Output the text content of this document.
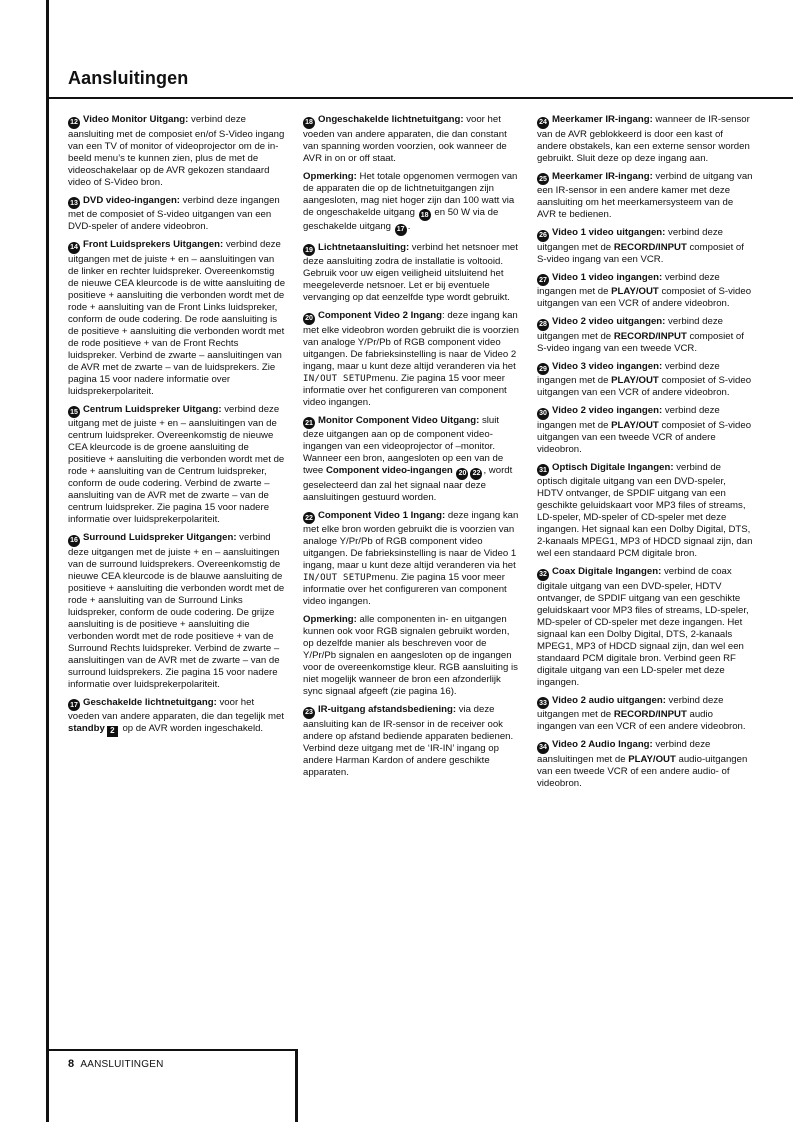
Aansluitingen

12 Video Monitor Uitgang: verbind deze aansluiting met de composiet en/of S-Video ingang van een TV of monitor of videoprojector om de in-beeld menu’s te kunnen zien, plus de met de videoschakelaar op de AVR gekozen standaard video of S-Video bron.

13 DVD video-ingangen: verbind deze ingangen met de composiet of S-video uitgangen van een DVD-speler of andere videobron.

14 Front Luidsprekers Uitgangen: verbind deze uitgangen met de juiste + en – aansluitingen van de linker en rechter luidspreker. Overeenkomstig de nieuwe CEA kleurcode is de witte aansluiting de positieve + aansluiting die verbonden wordt met de rode + aansluiting van de Front Links luidspreker, conform de oude codering. De rode aansluiting is de positieve + aansluiting die verbonden wordt met de rode positieve + van de Front Rechts luidspreker. Verbind de zwarte – aansluitingen van de AVR met de zwarte – van de luidsprekers. Zie pagina 15 voor nadere informatie over luidsprekerpolariteit.

15 Centrum Luidspreker Uitgang: verbind deze uitgang met de juiste + en – aansluitingen van de centrum luidspreker. Overeenkomstig de nieuwe CEA kleurcode is de groene aansluiting de positieve + aansluiting die verbonden wordt met de rode + aansluiting van de Centrum luidspreker, conform de oude codering. Verbind de zwarte – aansluiting van de AVR met de zwarte – van de centrum luidspreker. Zie pagina 15 voor nadere informatie over luidsprekerpolariteit.

16 Surround Luidspreker Uitgangen: verbind deze uitgangen met de juiste + en – aansluitingen van de surround luidsprekers. Overeenkomstig de nieuwe CEA kleurcode is de blauwe aansluiting de positieve + aansluiting die verbonden wordt met de rode + aansluiting van de Surround Links luidspreker, conform de oude codering. De grijze aansluiting is de positieve + aansluiting die verbonden wordt met de rode positieve + van de Surround Rechts luidspreker. Verbind de zwarte – aansluitingen van de AVR met de zwarte – van de surround luidsprekers. Zie pagina 15 voor nadere informatie over luidsprekerpolariteit.

17 Geschakelde lichtnetuitgang: voor het voeden van andere apparaten, die dan tegelijk met standby 2 op de AVR worden ingeschakeld.

18 Ongeschakelde lichtnetuitgang: voor het voeden van andere apparaten, die dan constant van spanning worden voorzien, ook wanneer de AVR in on or off staat.

Opmerking: Het totale opgenomen vermogen van de apparaten die op de lichtnetuitgangen zijn aangesloten, mag niet hoger zijn dan 100 watt via de ongeschakelde uitgang 18 en 50 W via de geschakelde uitgang 17 .

19 Lichtnetaansluiting: verbind het netsnoer met deze aansluiting zodra de installatie is voltooid. Gebruik voor uw eigen veiligheid uitsluitend het meegeleverde netsnoer. Let er bij eventuele vervanging op dat eenzelfde type wordt gebruikt.

20 Component Video 2 Ingang: deze ingang kan met elke videobron worden gebruikt die is voorzien van analoge Y/Pr/Pb of RGB component video uitgangen. De fabrieksinstelling is naar de Video 2 ingang, maar u kunt deze altijd veranderen via het IN/OUT SETUPmenu. Zie pagina 15 voor meer informatie over het configureren van component video ingangen.

21 Monitor Component Video Uitgang: sluit deze uitgangen aan op de component video-ingangen van een videoprojector of –monitor. Wanneer een bron, aangesloten op een van de twee Component video-ingangen 20 22 , wordt geselecteerd dan zal het signaal naar deze aansluitingen gestuurd worden.

22 Component Video 1 Ingang: deze ingang kan met elke bron worden gebruikt die is voorzien van analoge Y/Pr/Pb of RGB component video uitgangen. De fabrieksinstelling is naar de Video 1 ingang, maar u kunt deze altijd veranderen via het IN/OUT SETUPmenu. Zie pagina 15 voor meer informatie over het configureren van component video ingangen.

Opmerking: alle componenten in- en uitgangen kunnen ook voor RGB signalen gebruikt worden, op dezelfde manier als beschreven voor de Y/Pr/Pb signalen en aangesloten op de ingangen voor de overeenkomstige kleur. RGB aansluiting is niet mogelijk wanneer de bron een afzonderlijk sync signaal afgeeft (zie pagina 16).

23 IR-uitgang afstandsbediening: via deze aansluiting kan de IR-sensor in de receiver ook andere op afstand bediende apparaten bedienen. Verbind deze uitgang met de ‘IR-IN’ ingang op andere Harman Kardon of andere geschikte apparaten.

24 Meerkamer IR-ingang: wanneer de IR-sensor van de AVR geblokkeerd is door een kast of andere obstakels, kan een externe sensor worden gebruikt. Sluit deze op deze ingang aan.

25 Meerkamer IR-ingang: verbind de uitgang van een IR-sensor in een andere kamer met deze aansluiting om het meerkamersysteem van de AVR te bedienen.

26 Video 1 video uitgangen: verbind deze uitgangen met de RECORD/INPUT composiet of S-video ingang van een VCR.

27 Video 1 video ingangen: verbind deze ingangen met de PLAY/OUT composiet of S-video uitgangen van een VCR of andere videobron.

28 Video 2 video uitgangen: verbind deze uitgangen met de RECORD/INPUT composiet of S-video ingang van een tweede VCR.

29 Video 3 video ingangen: verbind deze ingangen met de PLAY/OUT composiet of S-video uitgangen van een VCR of andere videobron.

30 Video 2 video ingangen: verbind deze ingangen met de PLAY/OUT composiet of S-video uitgangen van een tweede VCR of andere videobron.

31 Optisch Digitale Ingangen: verbind de optisch digitale uitgang van een DVD-speler, HDTV ontvanger, de SPDIF uitgang van een geschikte geluidskaart voor MP3 files of streams, LD-speler, MD-speler of CD-speler met deze ingangen. Het signaal kan een Dolby Digital, DTS, 2-kanaals MPEG1, MP3 of HDCD signaal zijn, dan wel een standaard PCM digitale bron.

32 Coax Digitale Ingangen: verbind de coax digitale uitgang van een DVD-speler, HDTV ontvanger, de SPDIF uitgang van een geschikte geluidskaart voor MP3 files of streams, LD-speler, MD-speler of CD-speler met deze ingangen. Het signaal kan een Dolby Digital, DTS, 2-kanaals MPEG1, MP3 of HDCD signaal zijn, dan wel een standaard PCM digitale bron. Verbind geen RF digitale uitgang van een LD-speler met deze ingangen.

33 Video 2 audio uitgangen: verbind deze uitgangen met de RECORD/INPUT audio ingangen van een VCR of een andere videobron.

34 Video 2 Audio Ingang: verbind deze aansluitingen met de PLAY/OUT audio-uitgangen van een tweede VCR of een andere audio- of videobron.

8 AANSLUITINGEN
